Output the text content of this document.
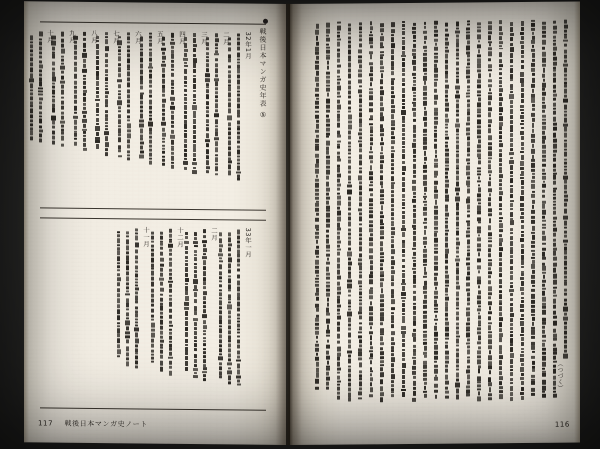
（つづく）
116
戦後日本マンガ史年表 ⑤
32年1月
二月
三月
四月
五月
六月
七月
八月
九月
十月
33年一月
二月
十二月
十一月
117 戦後日本マンガ史ノート
